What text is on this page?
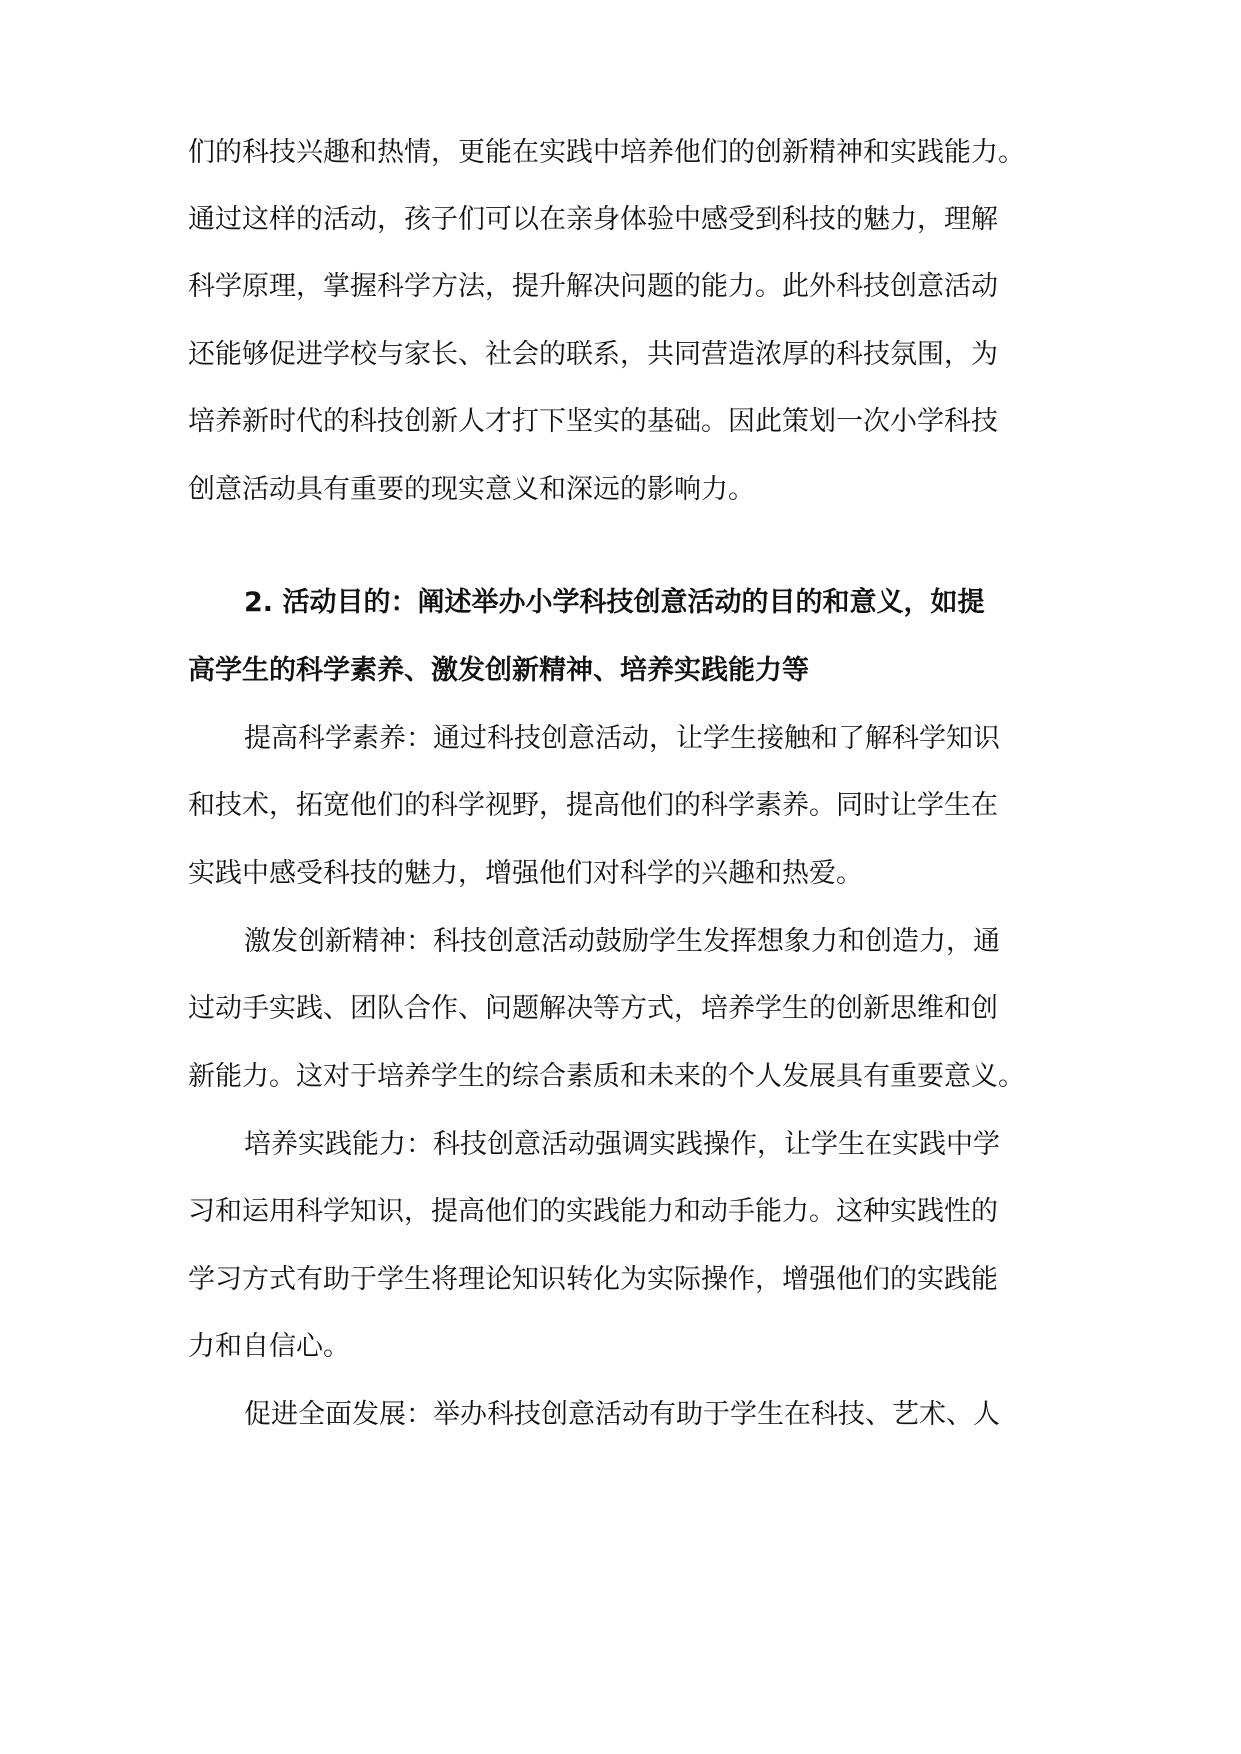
们的科技兴趣和热情，更能在实践中培养他们的创新精神和实践能力。
通过这样的活动，孩子们可以在亲身体验中感受到科技的魅力，理解
科学原理，掌握科学方法，提升解决问题的能力。此外科技创意活动
还能够促进学校与家长、社会的联系，共同营造浓厚的科技氛围，为
培养新时代的科技创新人才打下坚实的基础。因此策划一次小学科技
创意活动具有重要的现实意义和深远的影响力。
2. 活动目的：阐述举办小学科技创意活动的目的和意义，如提
高学生的科学素养、激发创新精神、培养实践能力等
提高科学素养：通过科技创意活动，让学生接触和了解科学知识
和技术，拓宽他们的科学视野，提高他们的科学素养。同时让学生在
实践中感受科技的魅力，增强他们对科学的兴趣和热爱。
激发创新精神：科技创意活动鼓励学生发挥想象力和创造力，通
过动手实践、团队合作、问题解决等方式，培养学生的创新思维和创
新能力。这对于培养学生的综合素质和未来的个人发展具有重要意义。
培养实践能力：科技创意活动强调实践操作，让学生在实践中学
习和运用科学知识，提高他们的实践能力和动手能力。这种实践性的
学习方式有助于学生将理论知识转化为实际操作，增强他们的实践能
力和自信心。
促进全面发展：举办科技创意活动有助于学生在科技、艺术、人
